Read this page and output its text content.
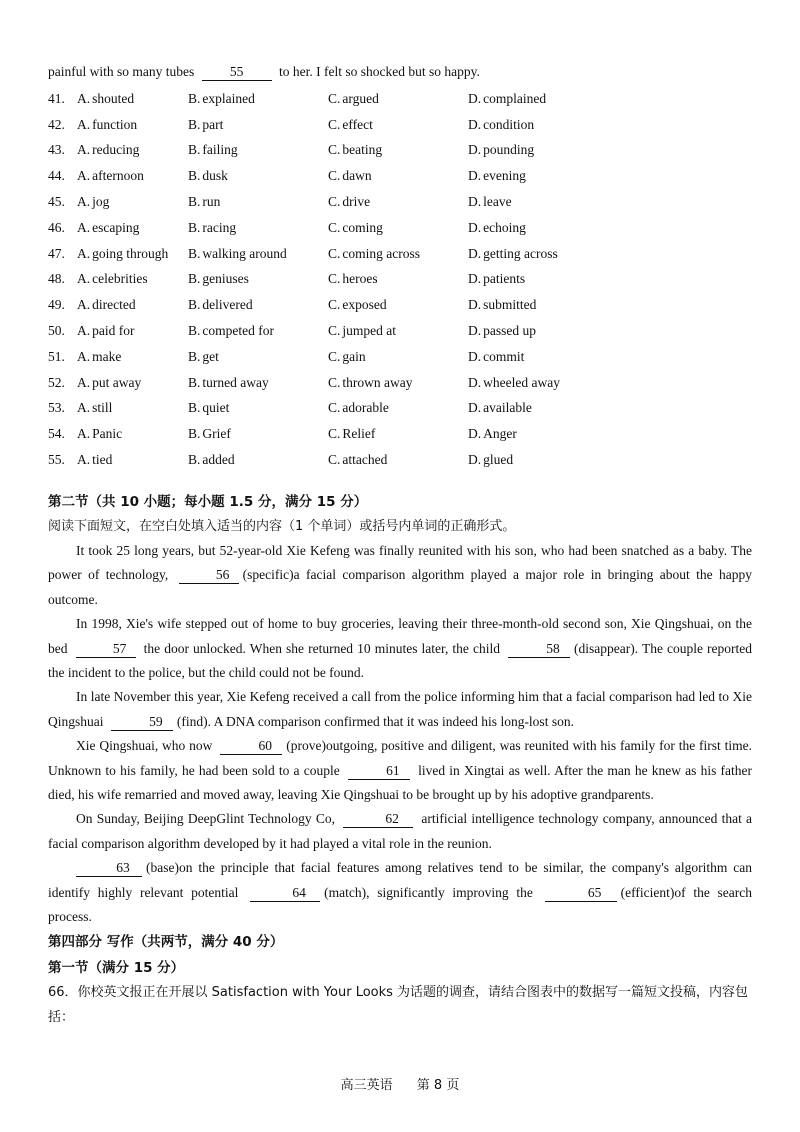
painful with so many tubes	55	to her. I felt so shocked but so happy.
41. A. shouted	B. explained	C. argued	D. complained
42. A. function	B. part	C. effect	D. condition
43. A. reducing	B. failing	C. beating	D. pounding
44. A. afternoon	B. dusk	C. dawn	D. evening
45. A. jog	B. run	C. drive	D. leave
46. A. escaping	B. racing	C. coming	D. echoing
47. A. going through	B. walking around	C. coming across	D. getting across
48. A. celebrities	B. geniuses	C. heroes	D. patients
49. A. directed	B. delivered	C. exposed	D. submitted
50. A. paid for	B. competed for	C. jumped at	D. passed up
51. A. make	B. get	C. gain	D. commit
52. A. put away	B. turned away	C. thrown away	D. wheeled away
53. A. still	B. quiet	C. adorable	D. available
54. A. Panic	B. Grief	C. Relief	D. Anger
55. A. tied	B. added	C. attached	D. glued
第二节（共 10 小题；每小题 1.5 分，满分 15 分）
阅读下面短文，在空白处填入适当的内容（1 个单词）或括号内单词的正确形式。
It took 25 long years, but 52-year-old Xie Kefeng was finally reunited with his son, who had been snatched as a baby. The power of technology,	56 (specific)a facial comparison algorithm played a major role in bringing about the happy outcome.
In 1998, Xie's wife stepped out of home to buy groceries, leaving their three-month-old second son, Xie Qingshuai, on the bed	57 the door unlocked. When she returned 10 minutes later, the child	58 (disappear). The couple reported the incident to the police, but the child could not be found.
In late November this year, Xie Kefeng received a call from the police informing him that a facial comparison had led to Xie Qingshuai	59 (find). A DNA comparison confirmed that it was indeed his long-lost son.
Xie Qingshuai, who now	60 (prove)outgoing, positive and diligent, was reunited with his family for the first time. Unknown to his family, he had been sold to a couple	61 lived in Xingtai as well. After the man he knew as his father died, his wife remarried and moved away, leaving Xie Qingshuai to be brought up by his adoptive grandparents.
On Sunday, Beijing DeepGlint Technology Co,	62 artificial intelligence technology company, announced that a facial comparison algorithm developed by it had played a vital role in the reunion.
63 (base)on the principle that facial features among relatives tend to be similar, the company's algorithm can identify highly relevant potential	64 (match), significantly improving the	65 (efficient)of the search process.
第四部分 写作（共两节，满分 40 分）
第一节（满分 15 分）
66．你校英文报正在开展以 Satisfaction with Your Looks 为话题的调查，请结合图表中的数据写一篇短文投稿，内容包括：
高三英语 第 8 页
